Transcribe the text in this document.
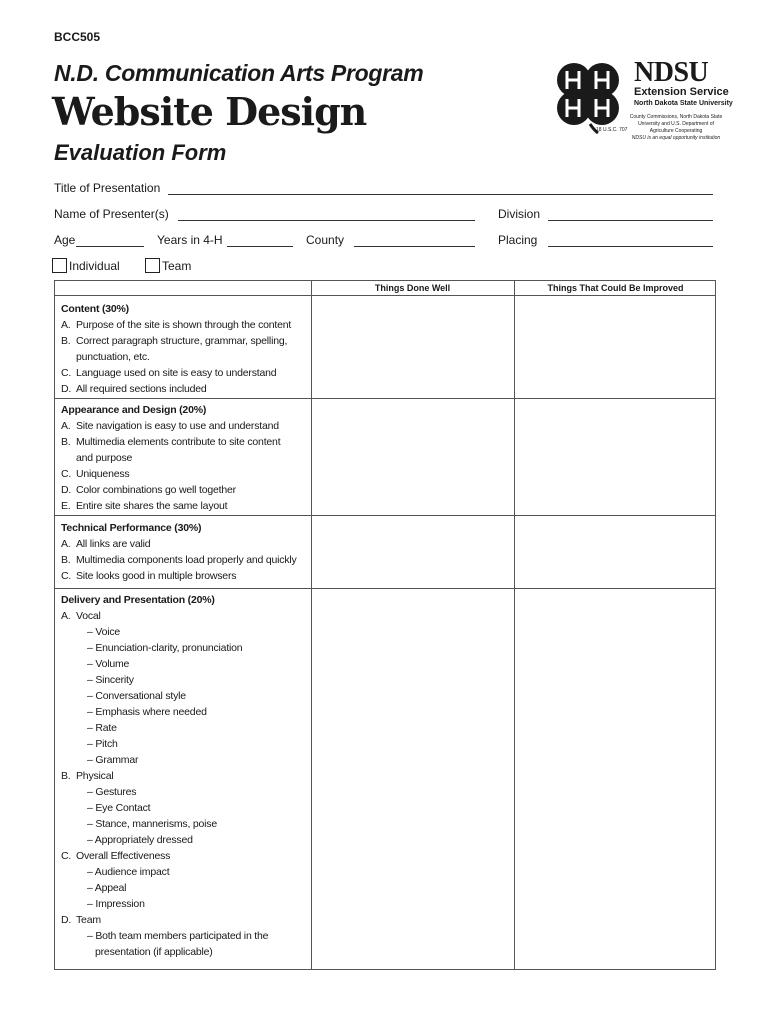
BCC505
N.D. Communication Arts Program
Website Design
Evaluation Form
18 U.S.C. 707
NDSU
Extension Service
North Dakota State University
County Commissions, North Dakota State University and U.S. Department of Agriculture Cooperating
NDSU is an equal opportunity institution
Title of Presentation
Name of Presenter(s)	Division
Age	Years in 4-H	County	Placing
Individual	Team
Things Done Well	Things That Could Be Improved
Content (30%)
A. Purpose of the site is shown through the content
B. Correct paragraph structure, grammar, spelling,
punctuation, etc.
C. Language used on site is easy to understand
D. All required sections included
Appearance and Design (20%)
A. Site navigation is easy to use and understand
B. Multimedia elements contribute to site content
and purpose
C. Uniqueness
D. Color combinations go well together
E. Entire site shares the same layout
Technical Performance (30%)
A. All links are valid
B. Multimedia components load properly and quickly
C. Site looks good in multiple browsers
Delivery and Presentation (20%)
A. Vocal
– Voice
– Enunciation-clarity, pronunciation
– Volume
– Sincerity
– Conversational style
– Emphasis where needed
– Rate
– Pitch
– Grammar
B. Physical
– Gestures
– Eye Contact
– Stance, mannerisms, poise
– Appropriately dressed
C. Overall Effectiveness
– Audience impact
– Appeal
– Impression
D. Team
– Both team members participated in the
presentation (if applicable)
